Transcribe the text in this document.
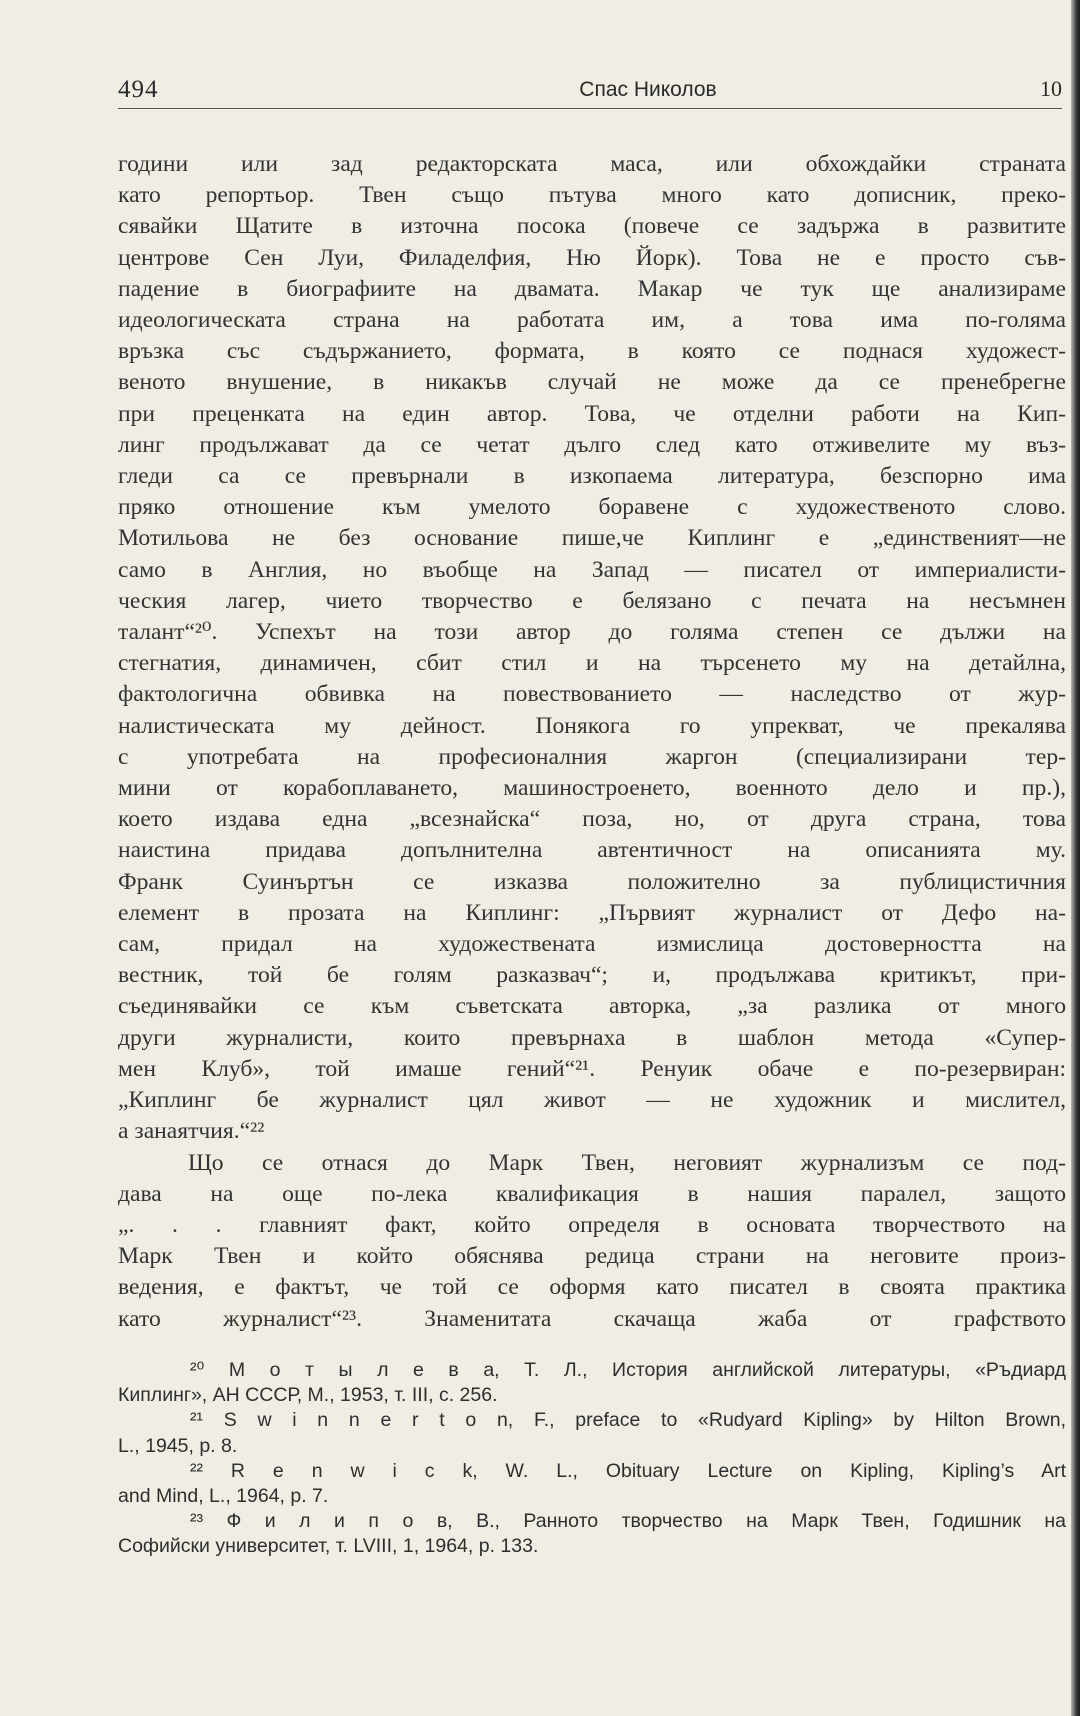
494	Спас Николов	10
години или зад редакторската маса, или обхождайки страната
като репортьор. Твен също пътува много като дописник, преко-
сявайки Щатите в източна посока (повече се задържа в развитите
центрове Сен Луи, Филаделфия, Ню Йорк). Това не е просто съв-
падение в биографиите на двамата. Макар че тук ще анализираме
идеологическата страна на работата им, а това има по-голяма
връзка със съдържанието, формата, в която се поднася художест-
веното внушение, в никакъв случай не може да се пренебрегне
при преценката на един автор. Това, че отделни работи на Кип-
линг продължават да се четат дълго след като отживелите му въз-
гледи са се превърнали в изкопаема литература, безспорно има
пряко отношение към умелото боравене с художественото слово.
Мотильова не без основание пише,че Киплинг е „единственият—не
само в Англия, но въобще на Запад — писател от империалисти-
ческия лагер, чието творчество е белязано с печата на несъмнен
талант“²⁰. Успехът на този автор до голяма степен се дължи на
стегнатия, динамичен, сбит стил и на търсенето му на детайлна,
фактологична обвивка на повествованието — наследство от жур-
налистическата му дейност. Понякога го упрекват, че прекалява
с употребата на професионалния жаргон (специализирани тер-
мини от корабоплаването, машиностроенето, военното дело и пр.),
което издава една „всезнайска“ поза, но, от друга страна, това
наистина придава допълнителна автентичност на описанията му.
Франк Суинъртън се изказва положително за публицистичния
елемент в прозата на Киплинг: „Първият журналист от Дефо на-
сам, придал на художествената измислица достоверността на
вестник, той бе голям разказвач“; и, продължава критикът, при-
съединявайки се към съветската авторка, „за разлика от много
други журналисти, които превърнаха в шаблон метода «Супер-
мен Клуб», той имаше гений“²¹. Ренуик обаче е по-резервиран:
„Киплинг бе журналист цял живот — не художник и мислител,
а занаятчия.“²²
Що се отнася до Марк Твен, неговият журнализъм се под-
дава на още по-лека квалификация в нашия паралел, защото
„. . . главният факт, който определя в основата творчеството на
Марк Твен и който обяснява редица страни на неговите произ-
ведения, е фактът, че той се оформя като писател в своята практика
като журналист“²³. Знаменитата скачаща жаба от графството
²⁰ М о т ы л е в а, Т. Л., История английской литературы, «Ръдиард
Киплинг», АН СССР, М., 1953, т. III, с. 256.
²¹ S w i n n e r t o n, F., preface to «Rudyard Kipling» by Hilton Brown,
L., 1945, p. 8.
²² R e n w i c k, W. L., Obituary Lecture on Kipling, Kipling’s Art
and Mind, L., 1964, p. 7.
²³ Ф и л и п о в, В., Ранното творчество на Марк Твен, Годишник на
Софийски университет, т. LVIII, 1, 1964, р. 133.
